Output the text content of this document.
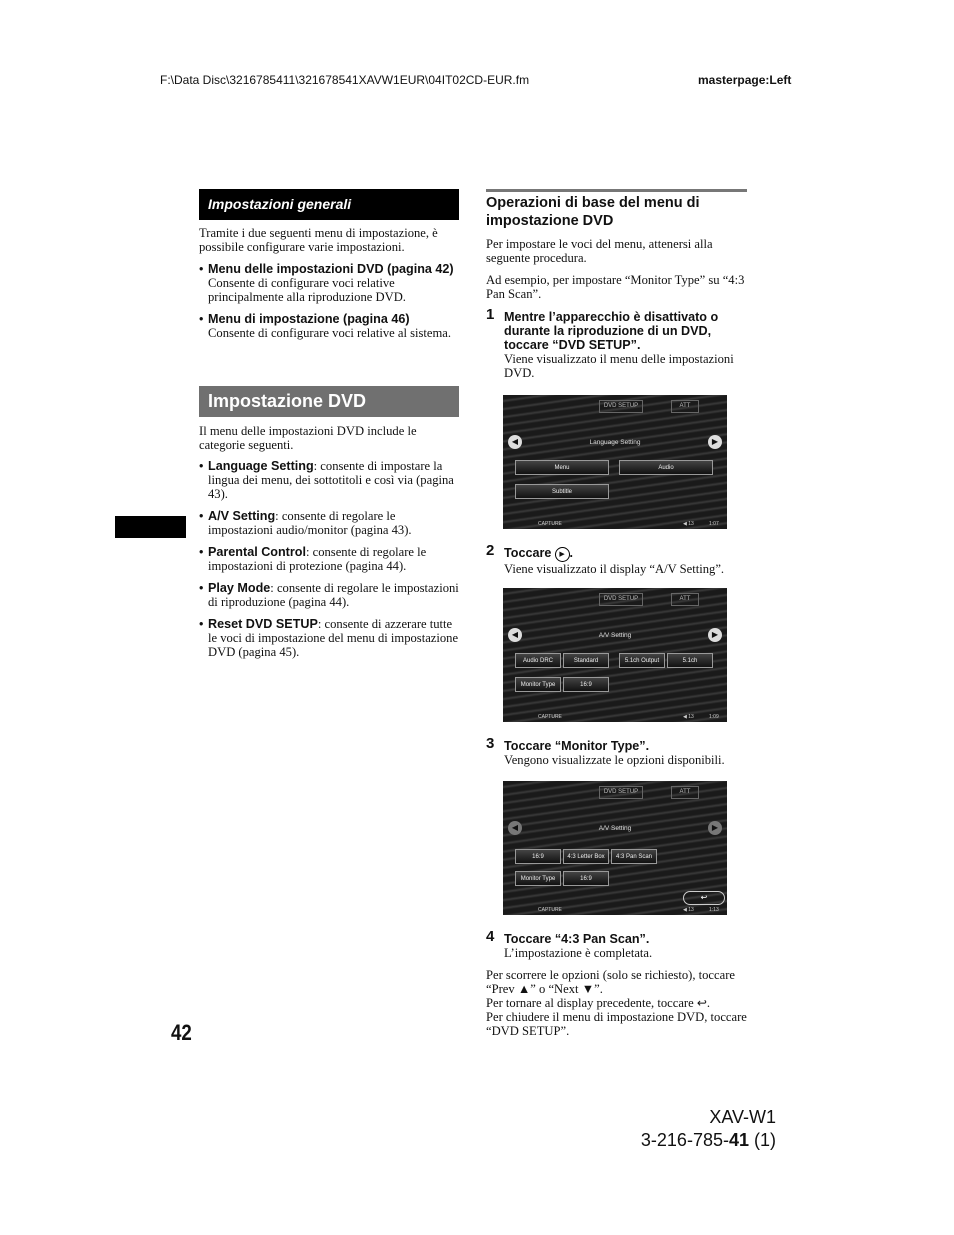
F:\Data Disc\3216785411\321678541XAVW1EUR\04IT02CD-EUR.fm	masterpage:Left
Impostazioni generali
Tramite i due seguenti menu di impostazione, è possibile configurare varie impostazioni.
• Menu delle impostazioni DVD (pagina 42)
Consente di configurare voci relative principalmente alla riproduzione DVD.
• Menu di impostazione (pagina 46)
Consente di configurare voci relative al sistema.
Impostazione DVD
Il menu delle impostazioni DVD include le categorie seguenti.
• Language Setting: consente di impostare la lingua dei menu, dei sottotitoli e così via (pagina 43).
• A/V Setting: consente di regolare le impostazioni audio/monitor (pagina 43).
• Parental Control: consente di regolare le impostazioni di protezione (pagina 44).
• Play Mode: consente di regolare le impostazioni di riproduzione (pagina 44).
• Reset DVD SETUP: consente di azzerare tutte le voci di impostazione del menu di impostazione DVD (pagina 45).
Operazioni di base del menu di impostazione DVD
Per impostare le voci del menu, attenersi alla seguente procedura.
Ad esempio, per impostare “Monitor Type” su “4:3 Pan Scan”.
1 Mentre l’apparecchio è disattivato o durante la riproduzione di un DVD, toccare “DVD SETUP”.
Viene visualizzato il menu delle impostazioni DVD.
DVD SETUP	ATT
◀	▶
Language Setting
Menu	Audio
Subtitle
CAPTURE	◀ 13	1:07
2 Toccare ▶ .
Viene visualizzato il display “A/V Setting”.
DVD SETUP	ATT
◀	▶
A/V Setting
Audio DRC	Standard	5.1ch Output	5.1ch
Monitor Type	16:9
CAPTURE	◀ 13	1:09
3 Toccare “Monitor Type”.
Vengono visualizzate le opzioni disponibili.
DVD SETUP	ATT
◀	▶
A/V Setting
16:9	4:3 Letter Box	4:3 Pan Scan
Monitor Type	16:9
↩
CAPTURE	◀ 13	1:13
4 Toccare “4:3 Pan Scan”.
L’impostazione è completata.
Per scorrere le opzioni (solo se richiesto), toccare “Prev ▲” o “Next ▼”.
Per tornare al display precedente, toccare ↩.
Per chiudere il menu di impostazione DVD, toccare “DVD SETUP”.
42
XAV-W1
3-216-785-41 (1)
